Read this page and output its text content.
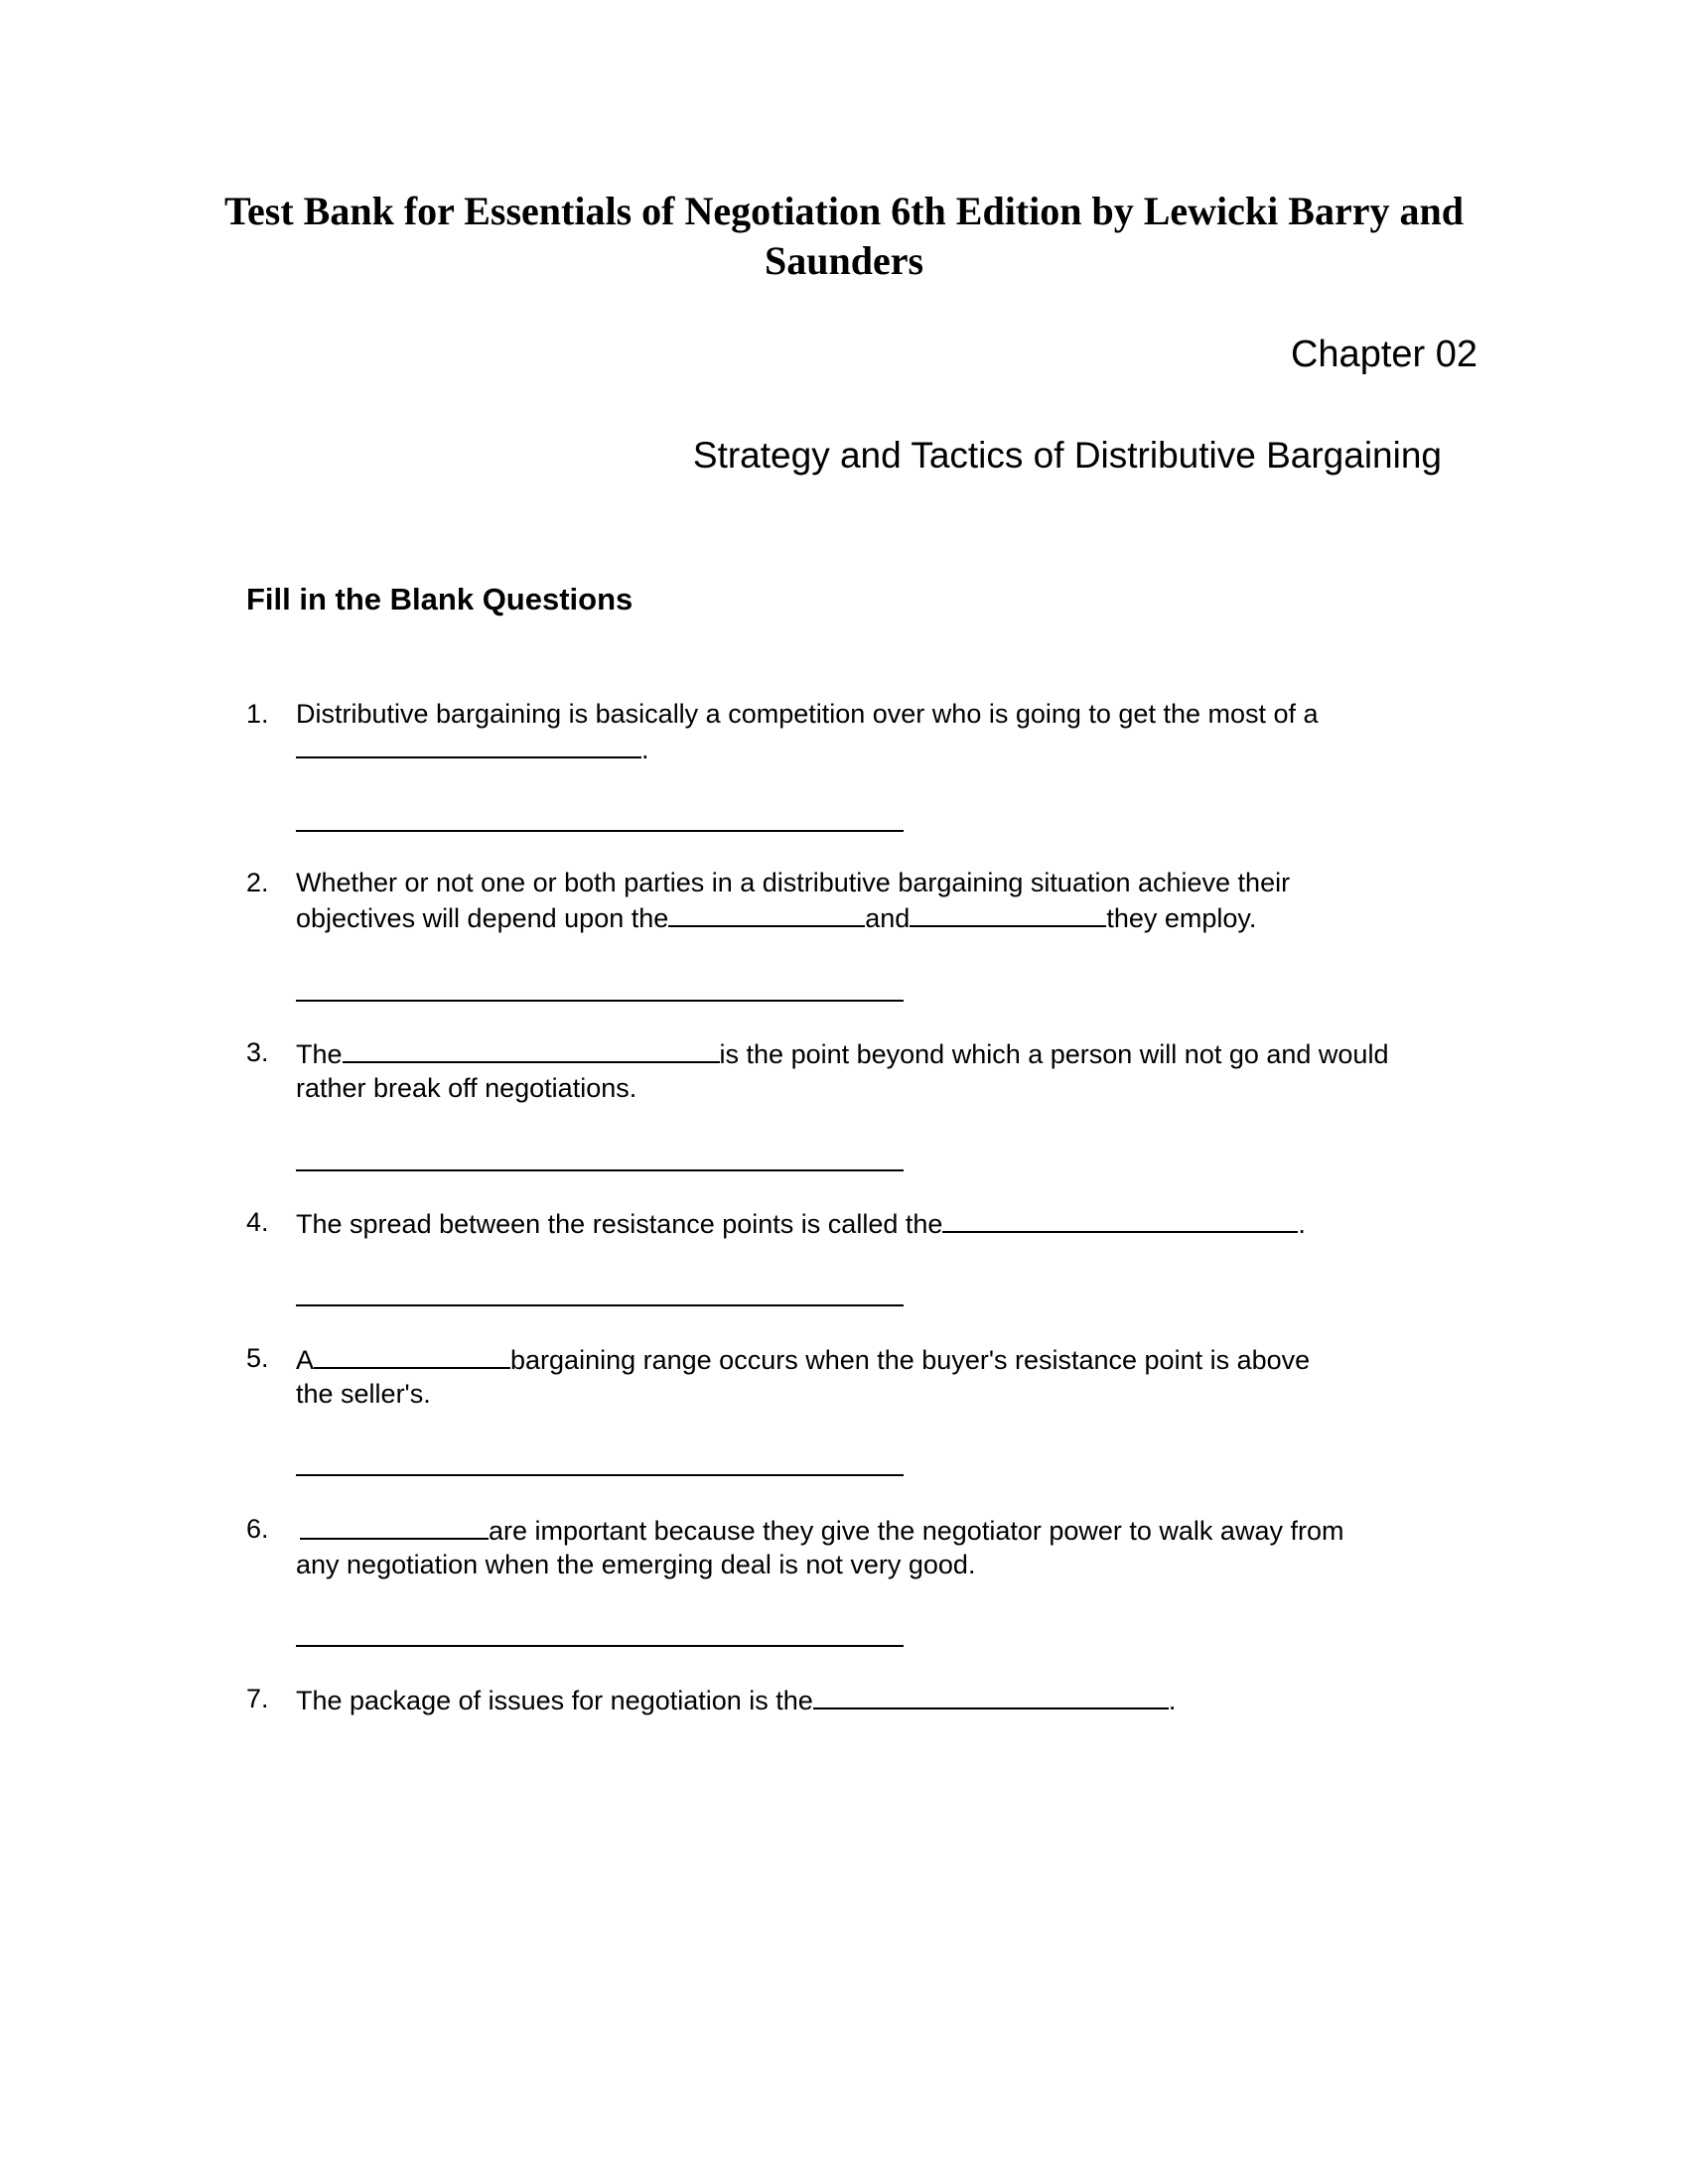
Test Bank for Essentials of Negotiation 6th Edition by Lewicki Barry and Saunders
Chapter 02
Strategy and Tactics of Distributive Bargaining
Fill in the Blank Questions
1. Distributive bargaining is basically a competition over who is going to get the most of a
.
2. Whether or not one or both parties in a distributive bargaining situation achieve their
objectives will depend upon the	and	they employ.
3. The	is the point beyond which a person will not go and would
rather break off negotiations.
4. The spread between the resistance points is called the	.
5. A	bargaining range occurs when the buyer's resistance point is above
the seller's.
6.	are important because they give the negotiator power to walk away from
any negotiation when the emerging deal is not very good.
7. The package of issues for negotiation is the	.
